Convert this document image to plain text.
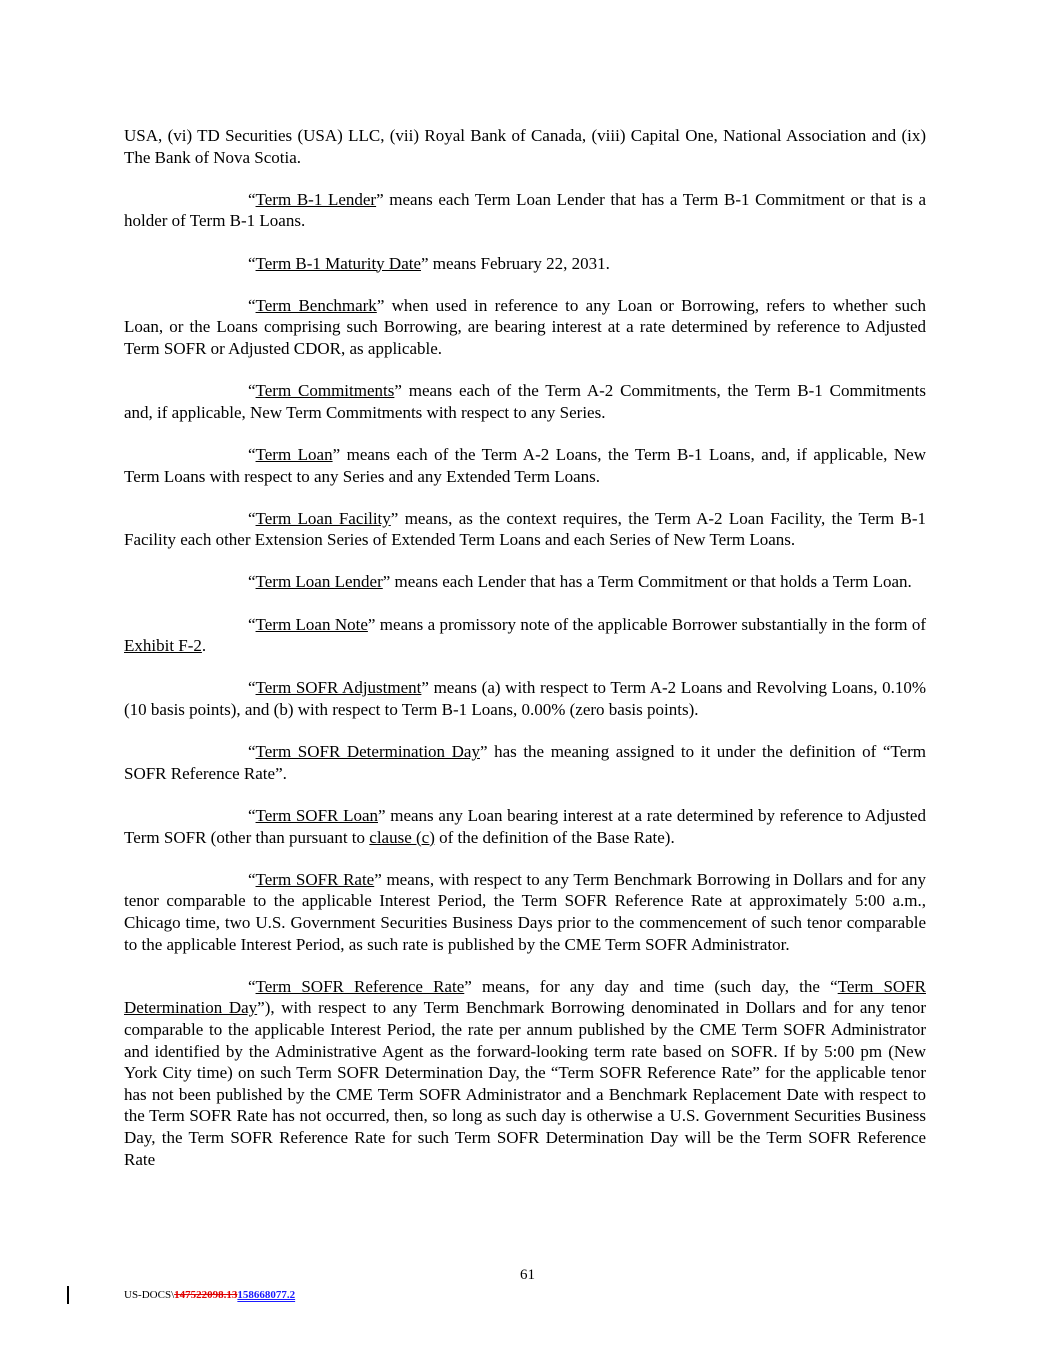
USA, (vi) TD Securities (USA) LLC, (vii) Royal Bank of Canada, (viii) Capital One, National Association and (ix) The Bank of Nova Scotia.

“Term B-1 Lender” means each Term Loan Lender that has a Term B-1 Commitment or that is a holder of Term B-1 Loans.

“Term B-1 Maturity Date” means February 22, 2031.

“Term Benchmark” when used in reference to any Loan or Borrowing, refers to whether such Loan, or the Loans comprising such Borrowing, are bearing interest at a rate determined by reference to Adjusted Term SOFR or Adjusted CDOR, as applicable.

“Term Commitments” means each of the Term A-2 Commitments, the Term B-1 Commitments and, if applicable, New Term Commitments with respect to any Series.

“Term Loan” means each of the Term A-2 Loans, the Term B-1 Loans, and, if applicable, New Term Loans with respect to any Series and any Extended Term Loans.

“Term Loan Facility” means, as the context requires, the Term A-2 Loan Facility, the Term B-1 Facility each other Extension Series of Extended Term Loans and each Series of New Term Loans.

“Term Loan Lender” means each Lender that has a Term Commitment or that holds a Term Loan.

“Term Loan Note” means a promissory note of the applicable Borrower substantially in the form of Exhibit F-2.

“Term SOFR Adjustment” means (a) with respect to Term A-2 Loans and Revolving Loans, 0.10% (10 basis points), and (b) with respect to Term B-1 Loans, 0.00% (zero basis points).

“Term SOFR Determination Day” has the meaning assigned to it under the definition of “Term SOFR Reference Rate”.

“Term SOFR Loan” means any Loan bearing interest at a rate determined by reference to Adjusted Term SOFR (other than pursuant to clause (c) of the definition of the Base Rate).

“Term SOFR Rate” means, with respect to any Term Benchmark Borrowing in Dollars and for any tenor comparable to the applicable Interest Period, the Term SOFR Reference Rate at approximately 5:00 a.m., Chicago time, two U.S. Government Securities Business Days prior to the commencement of such tenor comparable to the applicable Interest Period, as such rate is published by the CME Term SOFR Administrator.

“Term SOFR Reference Rate” means, for any day and time (such day, the “Term SOFR Determination Day”), with respect to any Term Benchmark Borrowing denominated in Dollars and for any tenor comparable to the applicable Interest Period, the rate per annum published by the CME Term SOFR Administrator and identified by the Administrative Agent as the forward-looking term rate based on SOFR. If by 5:00 pm (New York City time) on such Term SOFR Determination Day, the “Term SOFR Reference Rate” for the applicable tenor has not been published by the CME Term SOFR Administrator and a Benchmark Replacement Date with respect to the Term SOFR Rate has not occurred, then, so long as such day is otherwise a U.S. Government Securities Business Day, the Term SOFR Reference Rate for such Term SOFR Determination Day will be the Term SOFR Reference Rate

61
US-DOCS\147522098.13158668077.2
